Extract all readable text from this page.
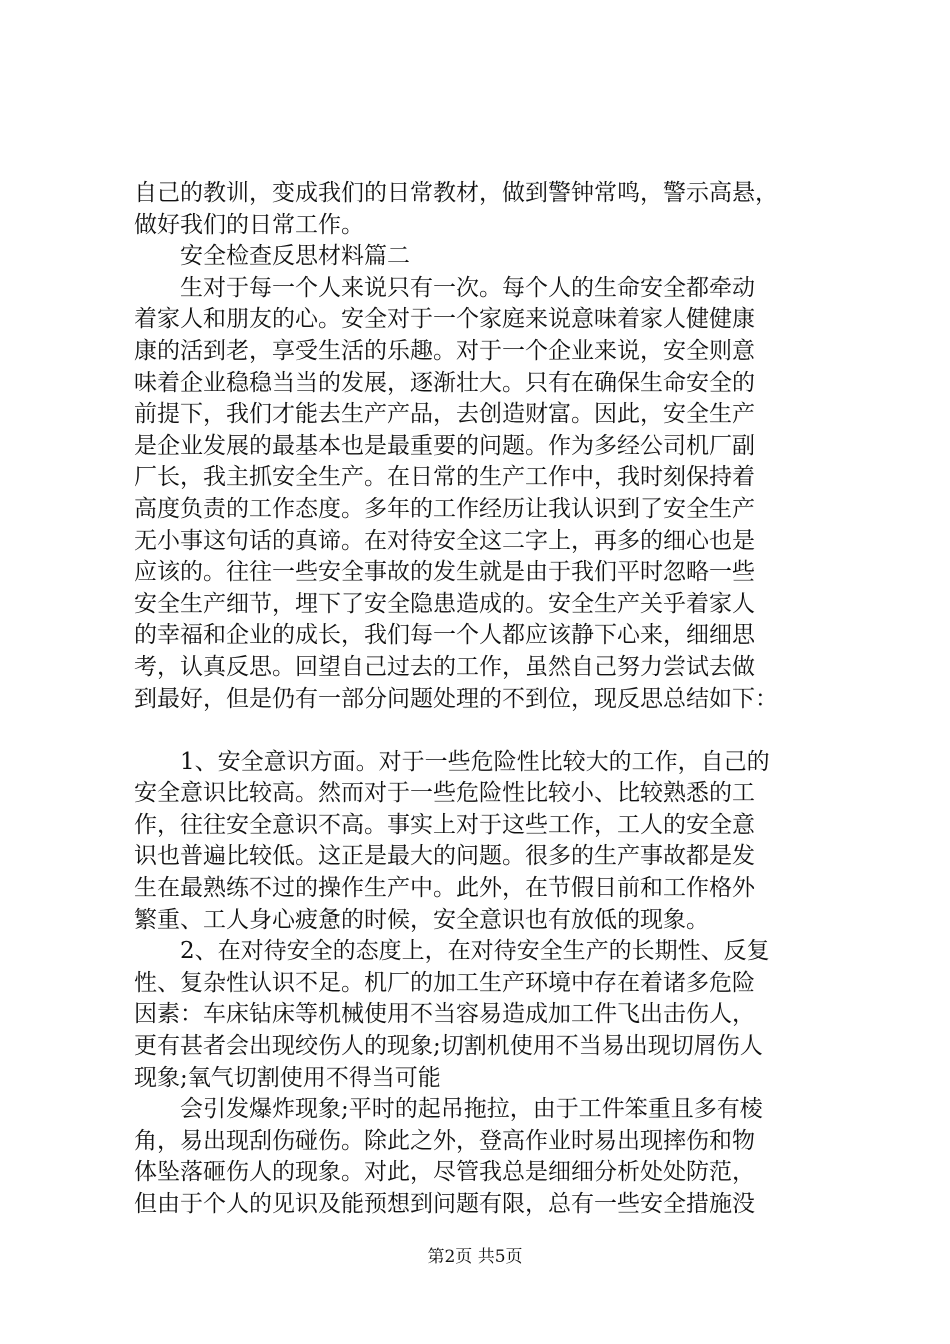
自己的教训，变成我们的日常教材，做到警钟常鸣，警示高悬，
做好我们的日常工作。
安全检查反思材料篇二
生对于每一个人来说只有一次。每个人的生命安全都牵动
着家人和朋友的心。安全对于一个家庭来说意味着家人健健康
康的活到老，享受生活的乐趣。对于一个企业来说，安全则意
味着企业稳稳当当的发展，逐渐壮大。只有在确保生命安全的
前提下，我们才能去生产产品，去创造财富。因此，安全生产
是企业发展的最基本也是最重要的问题。作为多经公司机厂副
厂长，我主抓安全生产。在日常的生产工作中，我时刻保持着
高度负责的工作态度。多年的工作经历让我认识到了安全生产
无小事这句话的真谛。在对待安全这二字上，再多的细心也是
应该的。往往一些安全事故的发生就是由于我们平时忽略一些
安全生产细节，埋下了安全隐患造成的。安全生产关乎着家人
的幸福和企业的成长，我们每一个人都应该静下心来，细细思
考，认真反思。回望自己过去的工作，虽然自己努力尝试去做
到最好，但是仍有一部分问题处理的不到位，现反思总结如下：
1、安全意识方面。对于一些危险性比较大的工作，自己的
安全意识比较高。然而对于一些危险性比较小、比较熟悉的工
作，往往安全意识不高。事实上对于这些工作，工人的安全意
识也普遍比较低。这正是最大的问题。很多的生产事故都是发
生在最熟练不过的操作生产中。此外，在节假日前和工作格外
繁重、工人身心疲惫的时候，安全意识也有放低的现象。
2、在对待安全的态度上，在对待安全生产的长期性、反复
性、复杂性认识不足。机厂的加工生产环境中存在着诸多危险
因素：车床钻床等机械使用不当容易造成加工件飞出击伤人，
更有甚者会出现绞伤人的现象;切割机使用不当易出现切屑伤人
现象;氧气切割使用不得当可能
会引发爆炸现象;平时的起吊拖拉，由于工件笨重且多有棱
角，易出现刮伤碰伤。除此之外，登高作业时易出现摔伤和物
体坠落砸伤人的现象。对此，尽管我总是细细分析处处防范，
但由于个人的见识及能预想到问题有限，总有一些安全措施没
第2页 共5页
